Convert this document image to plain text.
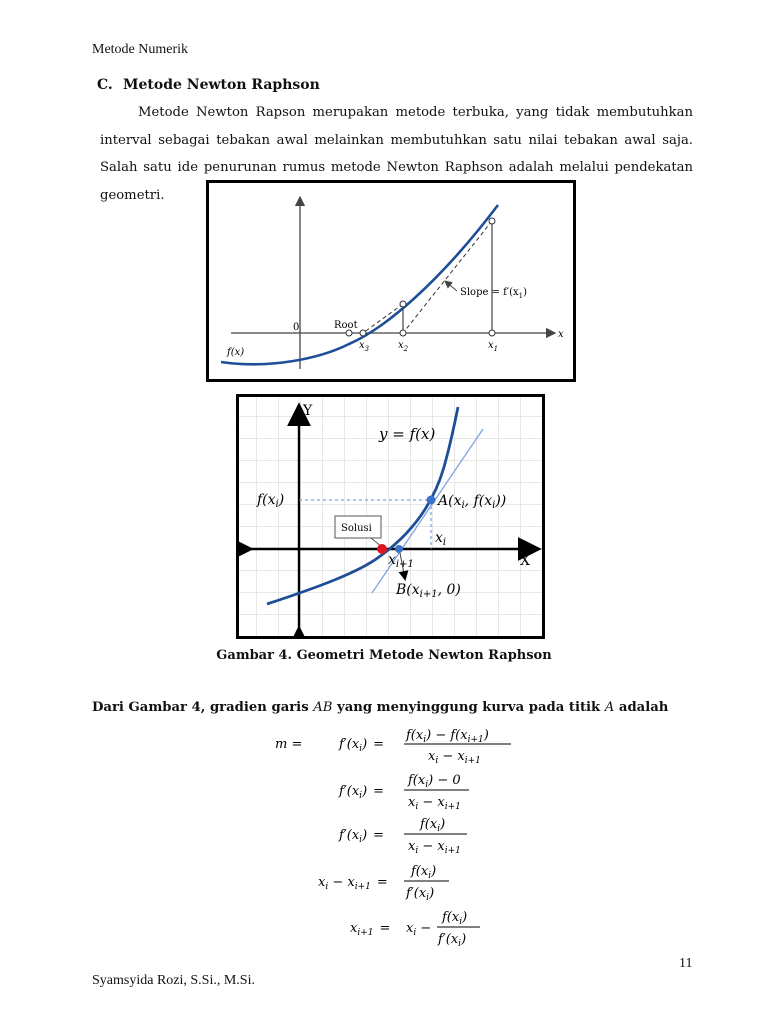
Metode Numerik
C. Metode Newton Raphson
Metode Newton Rapson merupakan metode terbuka, yang tidak membutuhkan interval sebagai tebakan awal melainkan membutuhkan satu nilai tebakan awal saja. Salah satu ide penurunan rumus metode Newton Raphson adalah melalui pendekatan geometri.
0	Root
Slope = $f'(x_1)$
f(x)
x
$x_3$	$x_2$	$x_1$
Solusi
Y
X
y = f(x)
$f(x_i)$	$A(x_i$, $f(x_i)$)
$x_i$
$x_{i+1}$
$B(x_{i+1}$, 0)
Gambar 4. Geometri Metode Newton Raphson
Dari Gambar 4, gradien garis AB yang menyinggung kurva pada titik A adalah
m =	$f'(x_i)$ =
$f(x_i) - f(x_{i+1})$
$x_i - x_{i+1}$
$f'(x_i)$ =
$f(x_i) - 0$
$x_i - x_{i+1}$
$f'(x_i)$ =
$f(x_i)$
$x_i - x_{i+1}$
$x_i - x_{i+1}$ =
$f(x_i)$
$f'(x_i)$
$x_{i+1} = x_i$ −
$f(x_i)$
$f'(x_i)$
11
Syamsyida Rozi, S.Si., M.Si.
